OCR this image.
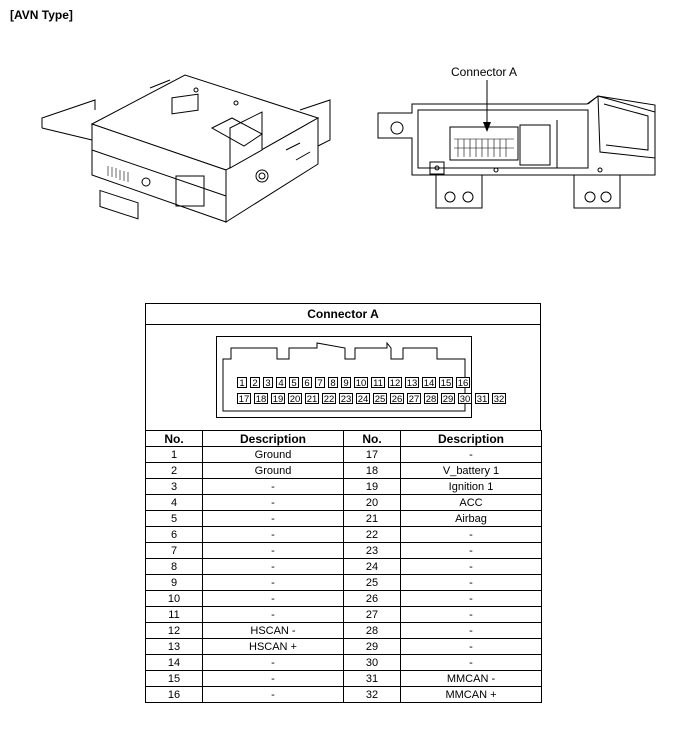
[AVN Type]
Connector A
Connector A
1 2 3 4 5 6 7 8 9 10 11 12 13 14 15 16
17 18 19 20 21 22 23 24 25 26 27 28 29 30 31 32
No.	Description	No.	Description
1	Ground	17	-
2	Ground	18	V_battery 1
3	-	19	Ignition 1
4	-	20	ACC
5	-	21	Airbag
6	-	22	-
7	-	23	-
8	-	24	-
9	-	25	-
10	-	26	-
11	-	27	-
12	HSCAN -	28	-
13	HSCAN +	29	-
14	-	30	-
15	-	31	MMCAN -
16	-	32	MMCAN +
